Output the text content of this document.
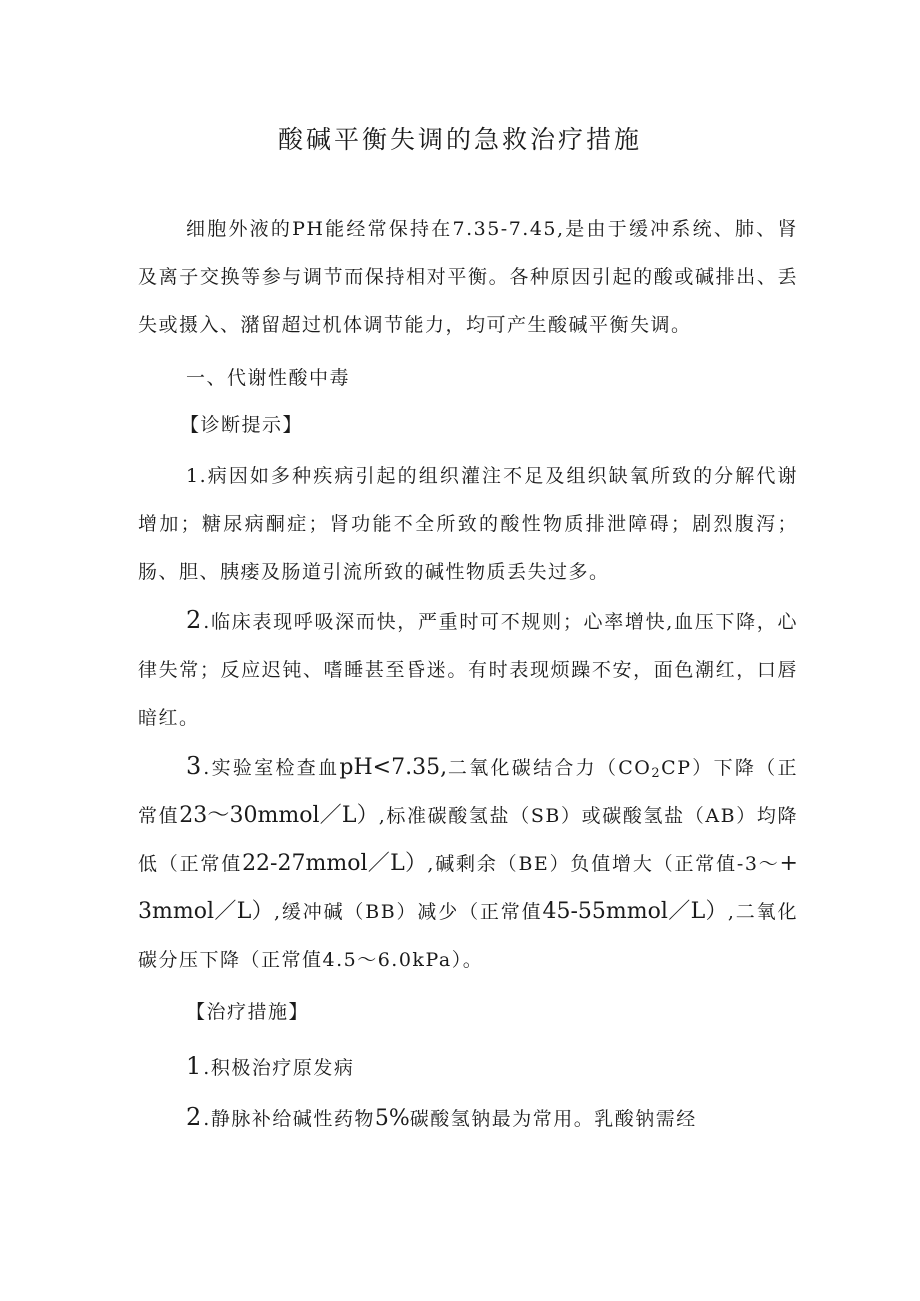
酸碱平衡失调的急救治疗措施

细胞外液的PH能经常保持在7.35-7.45,是由于缓冲系统、肺、肾及离子交换等参与调节而保持相对平衡。各种原因引起的酸或碱排出、丢失或摄入、潴留超过机体调节能力，均可产生酸碱平衡失调。

一、代谢性酸中毒

【诊断提示】

1.病因如多种疾病引起的组织灌注不足及组织缺氧所致的分解代谢增加；糖尿病酮症；肾功能不全所致的酸性物质排泄障碍；剧烈腹泻；肠、胆、胰瘘及肠道引流所致的碱性物质丢失过多。

2.临床表现呼吸深而快，严重时可不规则；心率增快,血压下降，心律失常；反应迟钝、嗜睡甚至昏迷。有时表现烦躁不安，面色潮红，口唇暗红。

3.实验室检查血pH<7.35,二氧化碳结合力$(CO_2CP)$下降（正常值23～30mmol／L）,标准碳酸氢盐（SB）或碳酸氢盐（AB）均降低（正常值22-27mmol／L）,碱剩余（BE）负值增大（正常值-3～+3mmol／L）,缓冲碱（BB）减少（正常值45-55mmol／L）,二氧化碳分压下降（正常值4.5～6.0kPa）。

【治疗措施】

1.积极治疗原发病

2.静脉补给碱性药物5%碳酸氢钠最为常用。乳酸钠需经
